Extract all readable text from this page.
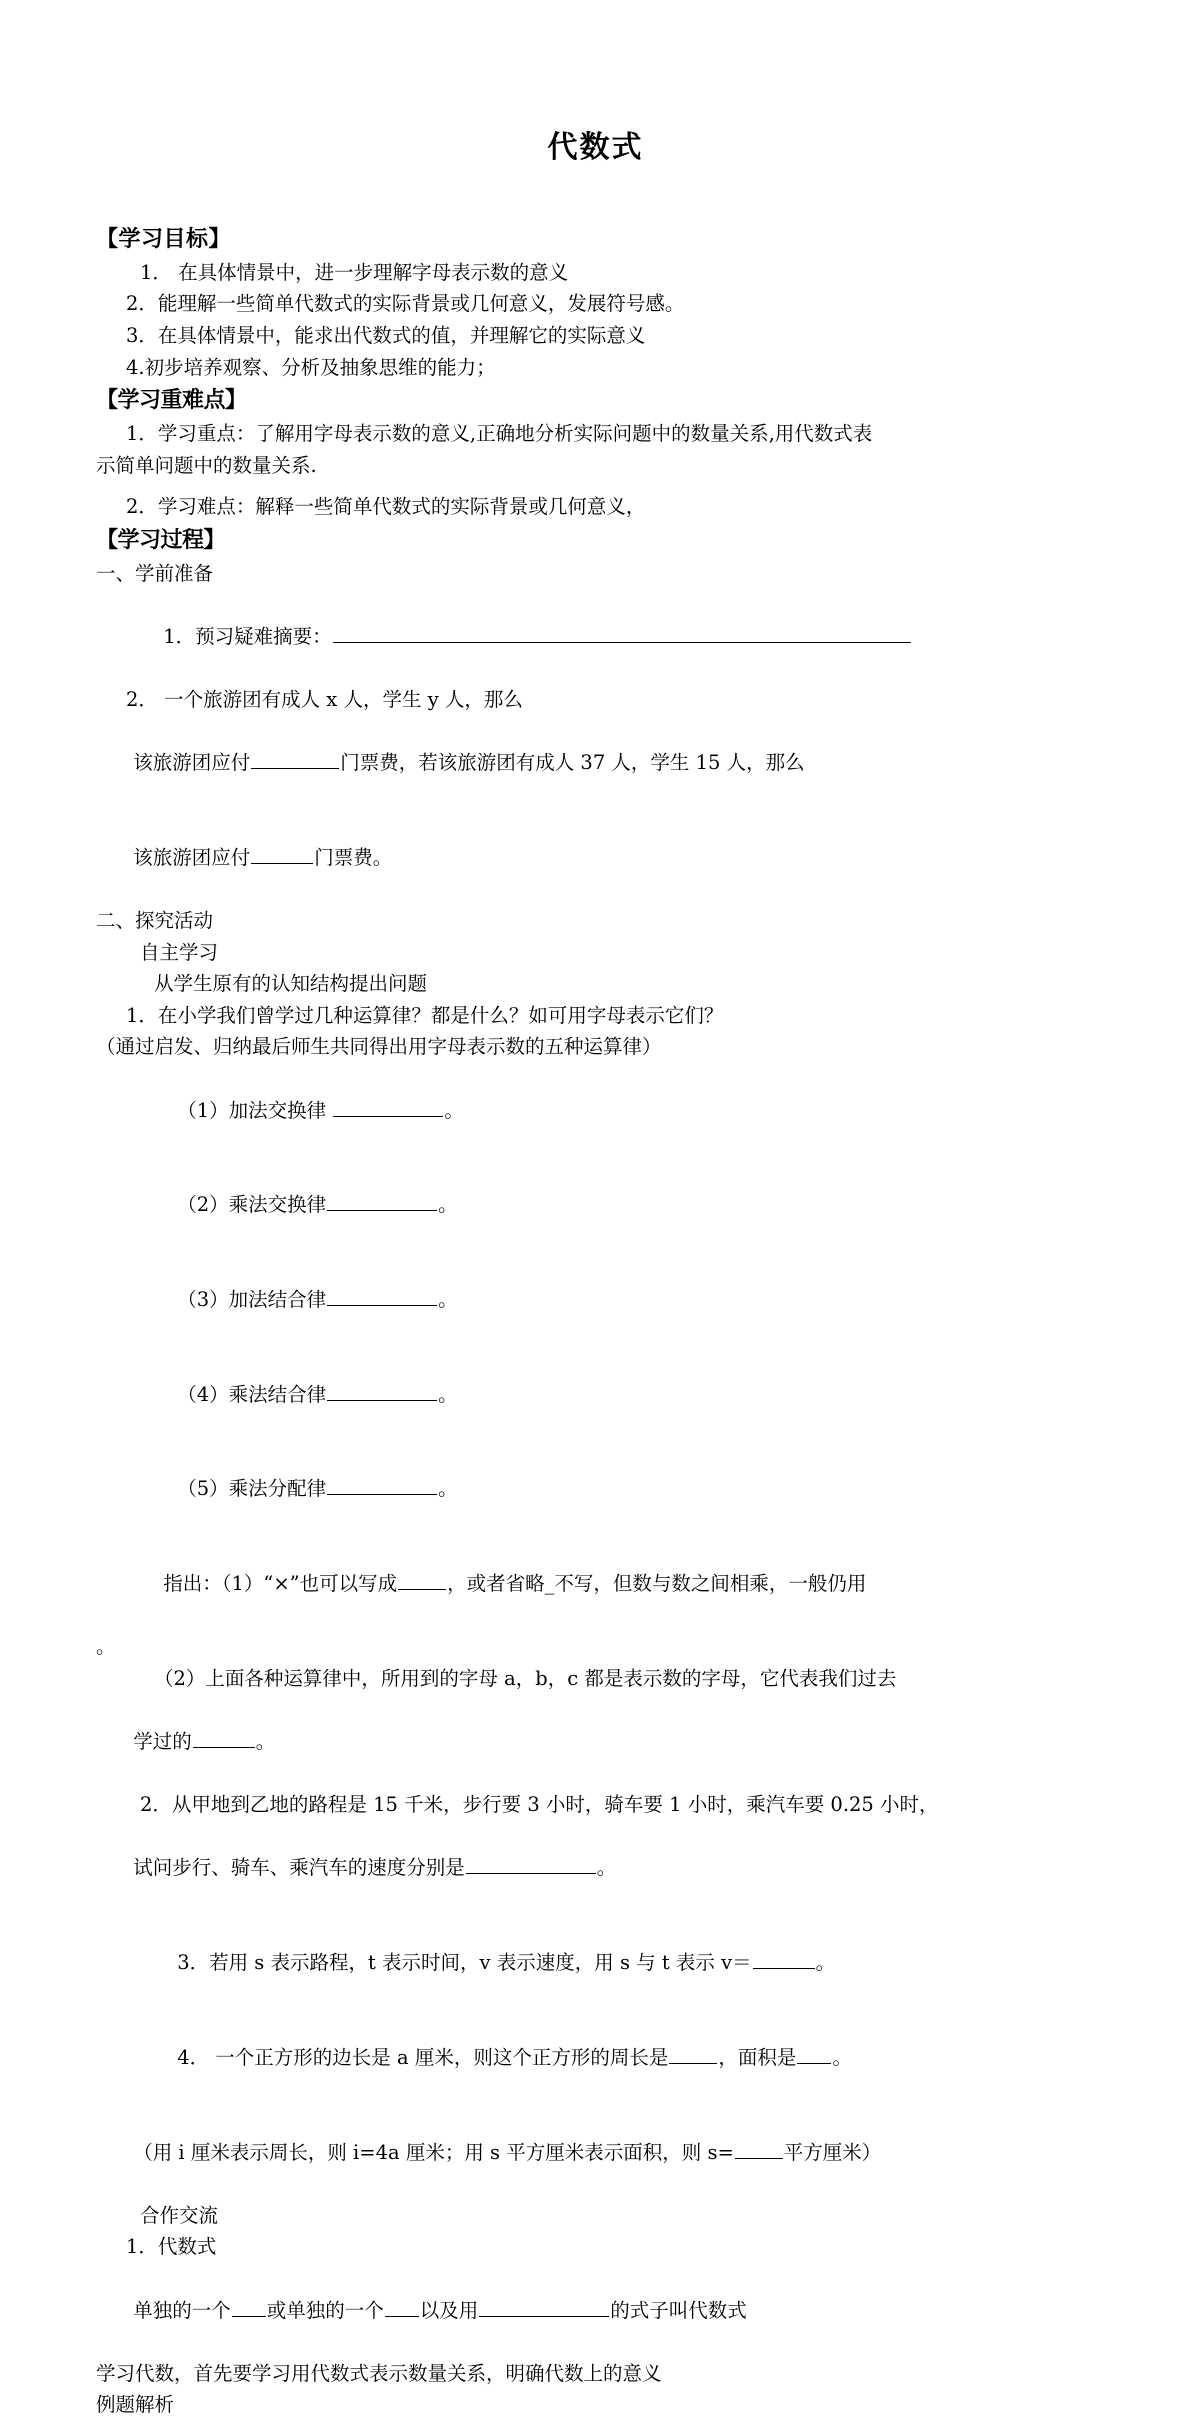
代数式
【学习目标】
1． 在具体情景中，进一步理解字母表示数的意义
2．能理解一些简单代数式的实际背景或几何意义，发展符号感。
3．在具体情景中，能求出代数式的值，并理解它的实际意义
4.初步培养观察、分析及抽象思维的能力；
【学习重难点】
1．学习重点：了解用字母表示数的意义,正确地分析实际问题中的数量关系,用代数式表
示简单问题中的数量关系.
2．学习难点：解释一些简单代数式的实际背景或几何意义，
【学习过程】
一、学前准备

1．预习疑难摘要：

2． 一个旅游团有成人 x 人，学生 y 人，那么

该旅游团应付	门票费，若该旅游团有成人 37 人，学生 15 人，那么

该旅游团应付	门票费。

二、探究活动
自主学习
从学生原有的认知结构提出问题
1．在小学我们曾学过几种运算律？都是什么？如可用字母表示它们？
（通过启发、归纳最后师生共同得出用字母表示数的五种运算律）

（1）加法交换律	。

（2）乘法交换律	。

（3）加法结合律	。

（4）乘法结合律	。

（5）乘法分配律	。

指出：（1）“×”也可以写成	，或者省略_不写，但数与数之间相乘，一般仍用

。
（2）上面各种运算律中，所用到的字母 a，b，c 都是表示数的字母，它代表我们过去

学过的	。

2．从甲地到乙地的路程是 15 千米，步行要 3 小时，骑车要 1 小时，乘汽车要 0.25 小时，

试问步行、骑车、乘汽车的速度分别是	。

3．若用 s 表示路程，t 表示时间，v 表示速度，用 s 与 t 表示 v＝	。

4． 一个正方形的边长是 a 厘米，则这个正方形的周长是	，面积是 。

（用 i 厘米表示周长，则 i=4a 厘米；用 s 平方厘米表示面积，则 s=	平方厘米）

合作交流
1．代数式

单独的一个 或单独的一个 以及用	的式子叫代数式

学习代数，首先要学习用代数式表示数量关系，明确代数上的意义
例题解析
